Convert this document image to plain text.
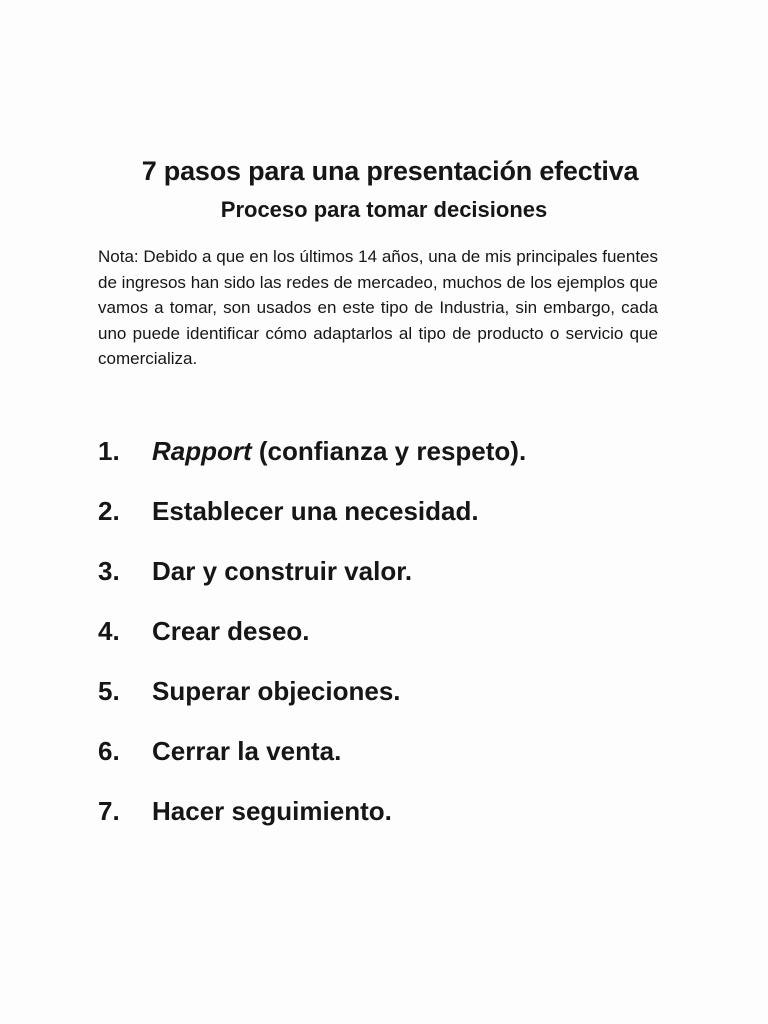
7 pasos para una presentación efectiva
Proceso para tomar decisiones

Nota: Debido a que en los últimos 14 años, una de mis principales fuentes de ingresos han sido las redes de mercadeo, muchos de los ejemplos que vamos a tomar, son usados en este tipo de Industria, sin embargo, cada uno puede identificar cómo adaptarlos al tipo de producto o servicio que comercializa.

1.	Rapport (confianza y respeto).
2.	Establecer una necesidad.
3.	Dar y construir valor.
4.	Crear deseo.
5.	Superar objeciones.
6.	Cerrar la venta.
7.	Hacer seguimiento.
